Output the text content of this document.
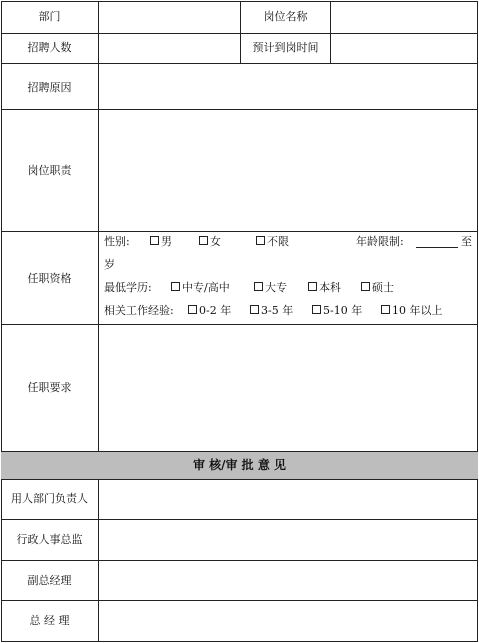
部门	岗位名称
招聘人数	预计到岗时间
招聘原因
岗位职责
任职资格
性别:	男	女	不限	年龄限制:	至
岁
最低学历:	中专/高中	大专	本科	硕士
相关工作经验:	0-2 年	3-5 年	5-10 年	10 年以上
任职要求
审 核/审 批 意 见
用人部门负责人
行政人事总监
副总经理
总 经 理
